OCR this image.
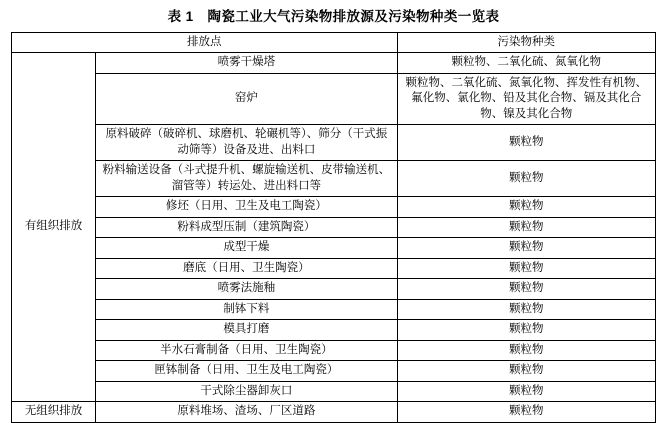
表 1 陶瓷工业大气污染物排放源及污染物种类一览表
排放点		污染物种类
有组织排放	喷雾干燥塔	颗粒物、二氧化硫、氮氧化物
	窑炉	颗粒物、二氧化硫、氮氧化物、挥发性有机物、氟化物、氯化物、铅及其化合物、镉及其化合物、镍及其化合物
	原料破碎（破碎机、球磨机、轮碾机等）、筛分（干式振动筛等）设备及进、出料口	颗粒物
	粉料输送设备（斗式提升机、螺旋输送机、皮带输送机、溜管等）转运处、进出料口等	颗粒物
	修坯（日用、卫生及电工陶瓷）	颗粒物
	粉料成型压制（建筑陶瓷）	颗粒物
	成型干燥	颗粒物
	磨底（日用、卫生陶瓷）	颗粒物
	喷雾法施釉	颗粒物
	制钵下料	颗粒物
	模具打磨	颗粒物
	半水石膏制备（日用、卫生陶瓷）	颗粒物
	匣钵制备（日用、卫生及电工陶瓷）	颗粒物
	干式除尘器卸灰口	颗粒物
无组织排放	原料堆场、渣场、厂区道路	颗粒物
